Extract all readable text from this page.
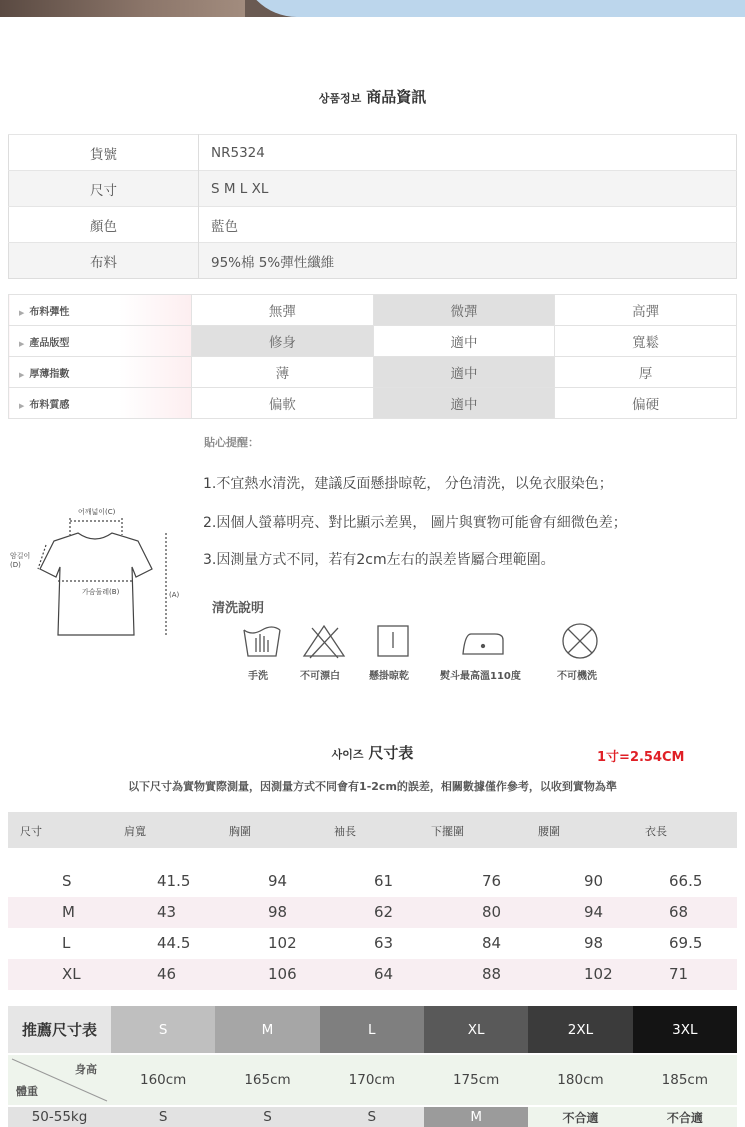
상품정보 商品資訊
貨號	NR5324
尺寸	S M L XL
顏色	藍色
布料	95%棉 5%彈性纖維
▶ 布料彈性	無彈	微彈	高彈
▶ 產品版型	修身	適中	寬鬆
▶ 厚薄指數	薄	適中	厚
▶ 布料質感	偏軟	適中	偏硬
貼心提醒：
1.不宜熱水清洗，建議反面懸掛晾乾， 分色清洗，以免衣服染色；
2.因個人螢幕明亮、對比顯示差異， 圖片與實物可能會有細微色差；
3.因測量方式不同，若有2cm左右的誤差皆屬合理範圍。
어깨넓이(C)
암길이
(D)
가슴둘레(B)	(A)
清洗說明
手洗	不可漂白	懸掛晾乾	熨斗最高溫110度	不可機洗
사이즈 尺寸表	1寸=2.54CM
以下尺寸為實物實際測量，因測量方式不同會有1-2cm的誤差，相關數據僅作參考，以收到實物為準
尺寸	肩寬	胸圍	袖長	下擺圍	腰圍	衣長
S	41.5	94	61	76	90	66.5
M	43	98	62	80	94	68
L	44.5	102	63	84	98	69.5
XL	46	106	64	88	102	71
推薦尺寸表	S	M	L	XL	2XL	3XL

身高
體重	160cm	165cm	170cm	175cm	180cm	185cm
50-55kg	S	S	S	M	不合適	不合適
